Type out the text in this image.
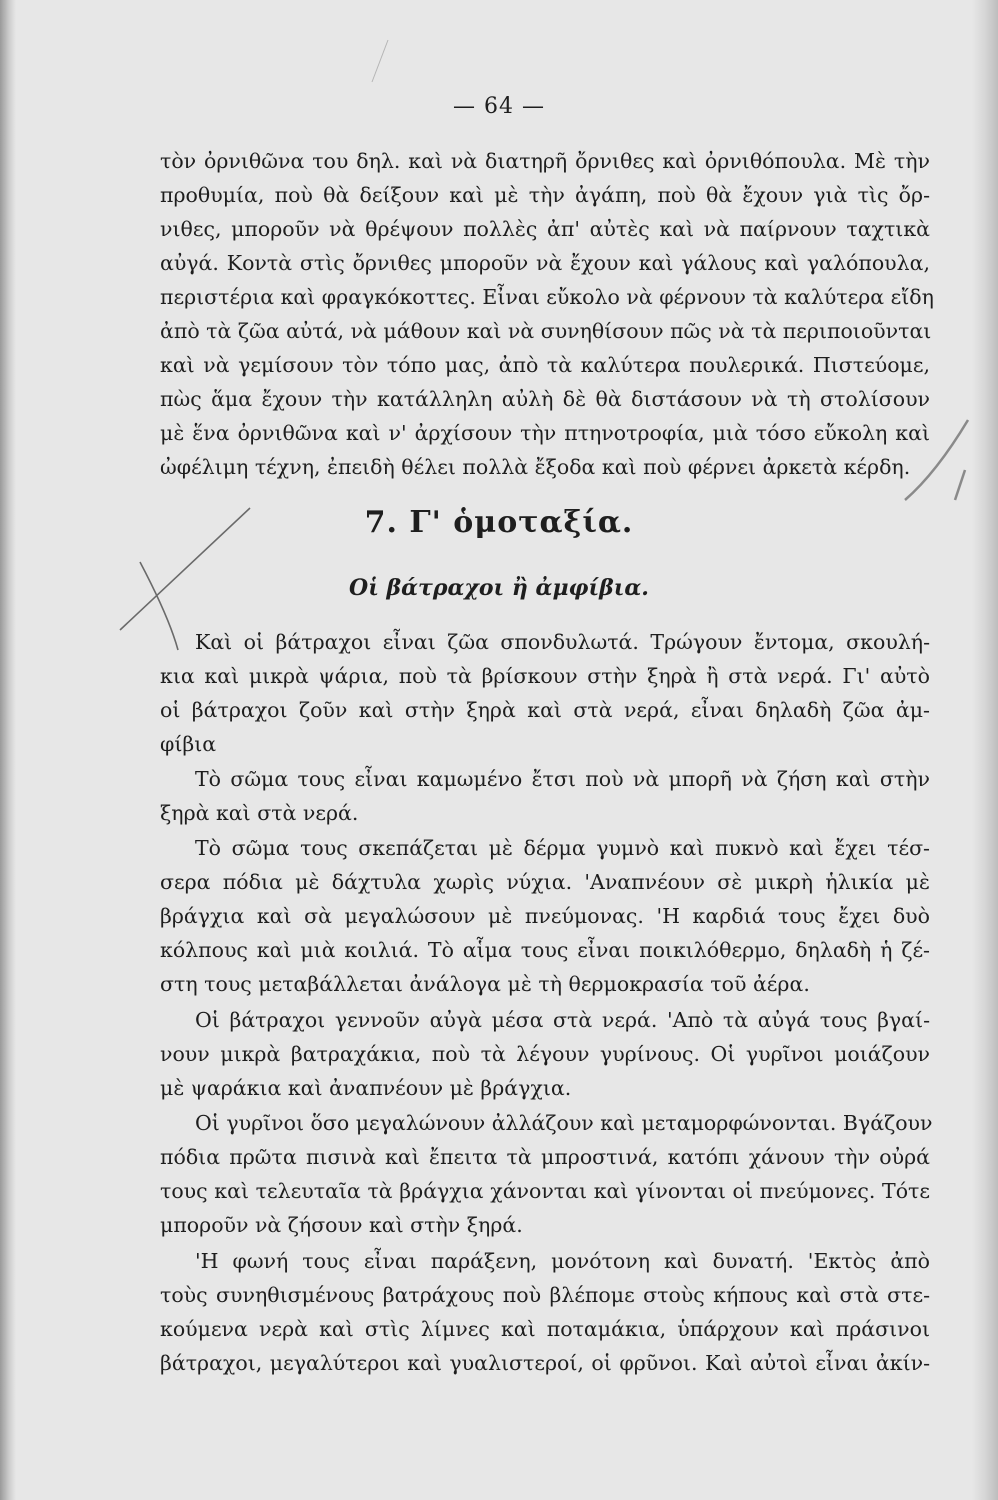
— 64 —
τὸν ὀρνιθῶνα του δηλ. καὶ νὰ διατηρῆ ὄρνιθες καὶ ὀρνιθόπουλα. Μὲ τὴν
προθυμία, ποὺ θὰ δείξουν καὶ μὲ τὴν ἀγάπη, ποὺ θὰ ἔχουν γιὰ τὶς ὄρ-
νιθες, μποροῦν νὰ θρέψουν πολλὲς ἀπ' αὐτὲς καὶ νὰ παίρνουν ταχτικὰ
αὐγά. Κοντὰ στὶς ὄρνιθες μποροῦν νὰ ἔχουν καὶ γάλους καὶ γαλόπουλα,
περιστέρια καὶ φραγκόκοττες. Εἶναι εὔκολο νὰ φέρνουν τὰ καλύτερα εἴδη
ἀπὸ τὰ ζῶα αὐτά, νὰ μάθουν καὶ νὰ συνηθίσουν πῶς νὰ τὰ περιποιοῦνται
καὶ νὰ γεμίσουν τὸν τόπο μας, ἀπὸ τὰ καλύτερα πουλερικά. Πιστεύομε,
πὼς ἅμα ἔχουν τὴν κατάλληλη αὐλὴ δὲ θὰ διστάσουν νὰ τὴ στολίσουν
μὲ ἕνα ὀρνιθῶνα καὶ ν' ἀρχίσουν τὴν πτηνοτροφία, μιὰ τόσο εὔκολη καὶ
ὠφέλιμη τέχνη, ἐπειδὴ θέλει πολλὰ ἔξοδα καὶ ποὺ φέρνει ἀρκετὰ κέρδη.
7. Γ' ὁμοταξία.
Οἱ βάτραχοι ἢ ἀμφίβια.
Καὶ οἱ βάτραχοι εἶναι ζῶα σπονδυλωτά. Τρώγουν ἔντομα, σκουλή-
κια καὶ μικρὰ ψάρια, ποὺ τὰ βρίσκουν στὴν ξηρὰ ἢ στὰ νερά. Γι' αὐτὸ
οἱ βάτραχοι ζοῦν καὶ στὴν ξηρὰ καὶ στὰ νερά, εἶναι δηλαδὴ ζῶα ἀμ-
φίβια
Τὸ σῶμα τους εἶναι καμωμένο ἔτσι ποὺ νὰ μπορῆ νὰ ζήση καὶ στὴν
ξηρὰ καὶ στὰ νερά.
Τὸ σῶμα τους σκεπάζεται μὲ δέρμα γυμνὸ καὶ πυκνὸ καὶ ἔχει τέσ-
σερα πόδια μὲ δάχτυλα χωρὶς νύχια. 'Αναπνέουν σὲ μικρὴ ἡλικία μὲ
βράγχια καὶ σὰ μεγαλώσουν μὲ πνεύμονας. 'Η καρδιά τους ἔχει δυὸ
κόλπους καὶ μιὰ κοιλιά. Τὸ αἷμα τους εἶναι ποικιλόθερμο, δηλαδὴ ἡ ζέ-
στη τους μεταβάλλεται ἀνάλογα μὲ τὴ θερμοκρασία τοῦ ἀέρα.
Οἱ βάτραχοι γεννοῦν αὐγὰ μέσα στὰ νερά. 'Απὸ τὰ αὐγά τους βγαί-
νουν μικρὰ βατραχάκια, ποὺ τὰ λέγουν γυρίνους. Οἱ γυρῖνοι μοιάζουν
μὲ ψαράκια καὶ ἀναπνέουν μὲ βράγχια.
Οἱ γυρῖνοι ὅσο μεγαλώνουν ἀλλάζουν καὶ μεταμορφώνονται. Βγάζουν
πόδια πρῶτα πισινὰ καὶ ἔπειτα τὰ μπροστινά, κατόπι χάνουν τὴν οὐρά
τους καὶ τελευταῖα τὰ βράγχια χάνονται καὶ γίνονται οἱ πνεύμονες. Τότε
μποροῦν νὰ ζήσουν καὶ στὴν ξηρά.
'Η φωνή τους εἶναι παράξενη, μονότονη καὶ δυνατή. 'Εκτὸς ἀπὸ
τοὺς συνηθισμένους βατράχους ποὺ βλέπομε στοὺς κήπους καὶ στὰ στε-
κούμενα νερὰ καὶ στὶς λίμνες καὶ ποταμάκια, ὑπάρχουν καὶ πράσινοι
βάτραχοι, μεγαλύτεροι καὶ γυαλιστεροί, οἱ φρῦνοι. Καὶ αὐτοὶ εἶναι ἀκίν-
